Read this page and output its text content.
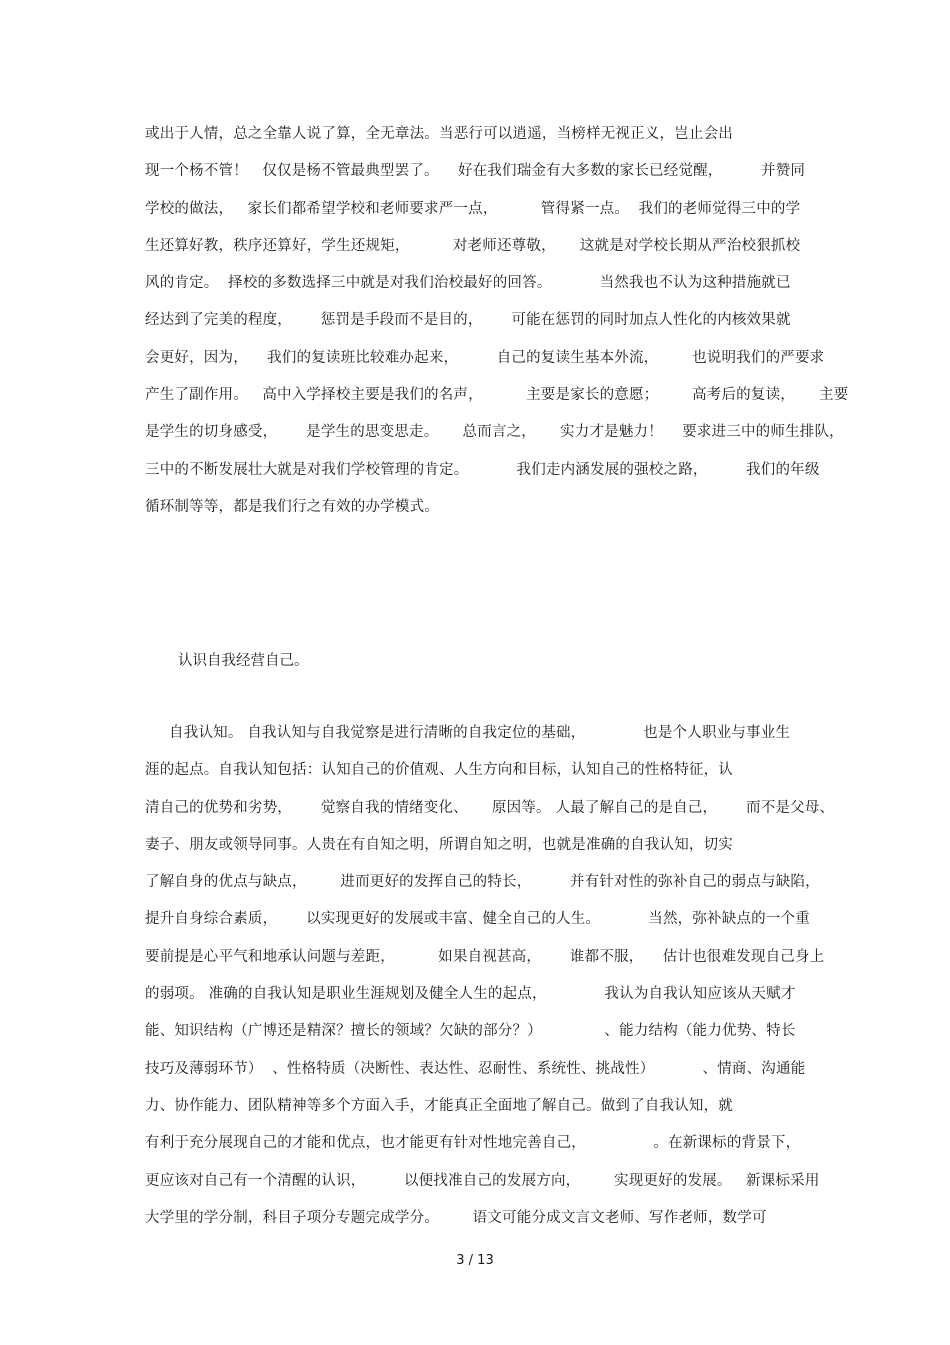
或出于人情，总之全靠人说了算，全无章法。当恶行可以逍遥，当榜样无视正义，岂止会出
现一个杨不管！   仅仅是杨不管最典型罢了。    好在我们瑞金有大多数的家长已经觉醒，        并赞同
学校的做法，   家长们都希望学校和老师要求严一点，         管得紧一点。  我们的老师觉得三中的学
生还算好教，秩序还算好，学生还规矩，         对老师还尊敬，     这就是对学校长期从严治校狠抓校
风的肯定。  择校的多数选择三中就是对我们治校最好的回答。          当然我也不认为这种措施就已
经达到了完美的程度，      惩罚是手段而不是目的，      可能在惩罚的同时加点人性化的内核效果就
会更好，因为，    我们的复读班比较难办起来，        自己的复读生基本外流，       也说明我们的严要求
产生了副作用。   高中入学择校主要是我们的名声，         主要是家长的意愿；       高考后的复读，     主要
是学生的切身感受，      是学生的思变思走。     总而言之，     实力才是魅力！    要求进三中的师生排队，
三中的不断发展壮大就是对我们学校管理的肯定。          我们走内涵发展的强校之路，        我们的年级
循环制等等，都是我们行之有效的办学模式。
认识自我经营自己。
自我认知。 自我认知与自我觉察是进行清晰的自我定位的基础，            也是个人职业与事业生
涯的起点。自我认知包括：认知自己的价值观、人生方向和目标，认知自己的性格特征，认
清自己的优势和劣势，      觉察自我的情绪变化、     原因等。 人最了解自己的是自己，      而不是父母、
妻子、朋友或领导同事。人贵在有自知之明，所谓自知之明，也就是准确的自我认知，切实
了解自身的优点与缺点，       进而更好的发挥自己的特长，        并有针对性的弥补自己的弱点与缺陷，
提升自身综合素质，      以实现更好的发展或丰富、健全自己的人生。          当然，弥补缺点的一个重
要前提是心平气和地承认问题与差距，         如果自视甚高，      谁都不服，    估计也很难发现自己身上
的弱项。 准确的自我认知是职业生涯规划及健全人生的起点，            我认为自我认知应该从天赋才
能、知识结构（广博还是精深？擅长的领域？欠缺的部分？）             、能力结构（能力优势、特长
技巧及薄弱环节）  、性格特质（决断性、表达性、忍耐性、系统性、挑战性）          、情商、沟通能
力、协作能力、团队精神等多个方面入手，才能真正全面地了解自己。做到了自我认知，就
有利于充分展现自己的才能和优点，也才能更有针对性地完善自己，              。在新课标的背景下，
更应该对自己有一个清醒的认识，        以便找准自己的发展方向，       实现更好的发展。   新课标采用
大学里的学分制，科目子项分专题完成学分。       语文可能分成文言文老师、写作老师，数学可
3 / 13
